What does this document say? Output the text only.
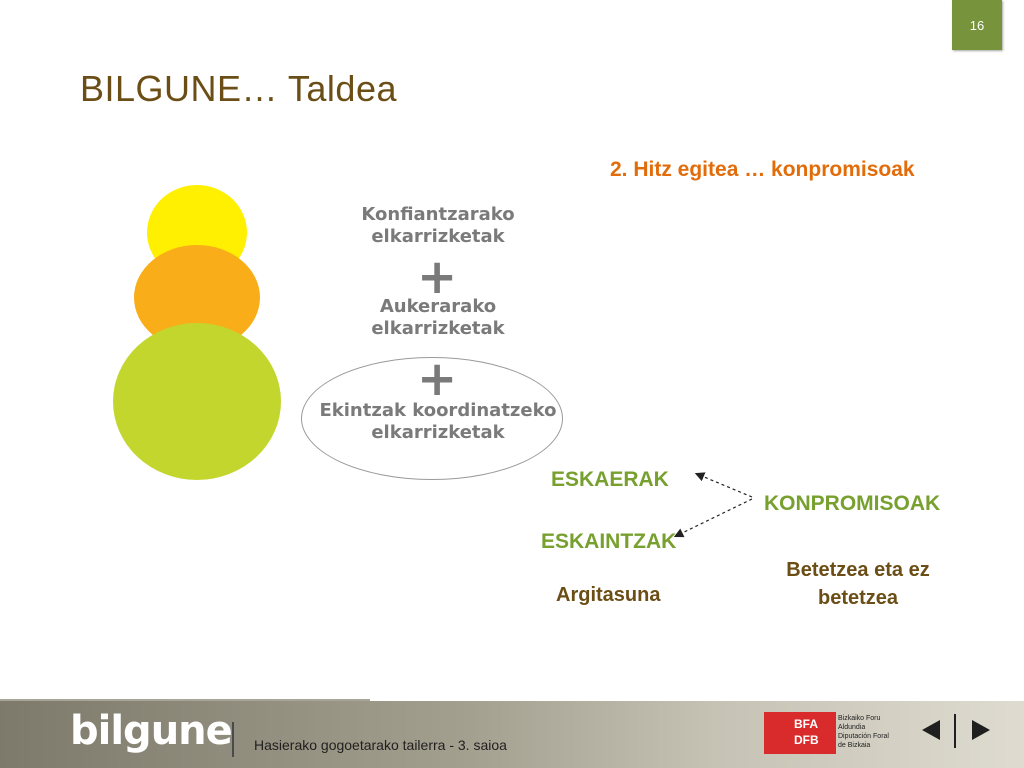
16
BILGUNE… Taldea
2. Hitz egitea … konpromisoak
Konfiantzarako elkarrizketak
+
Aukerarako elkarrizketak
+
Ekintzak koordinatzeko elkarrizketak
ESKAERAK
ESKAINTZAK
KONPROMISOAK
Argitasuna
Betetzea eta ez betetzea
bilgune Hasierako gogoetarako tailerra - 3. saioa
BFA DFB
Bizkaiko Foru Aldundia Diputación Foral de Bizkaia
